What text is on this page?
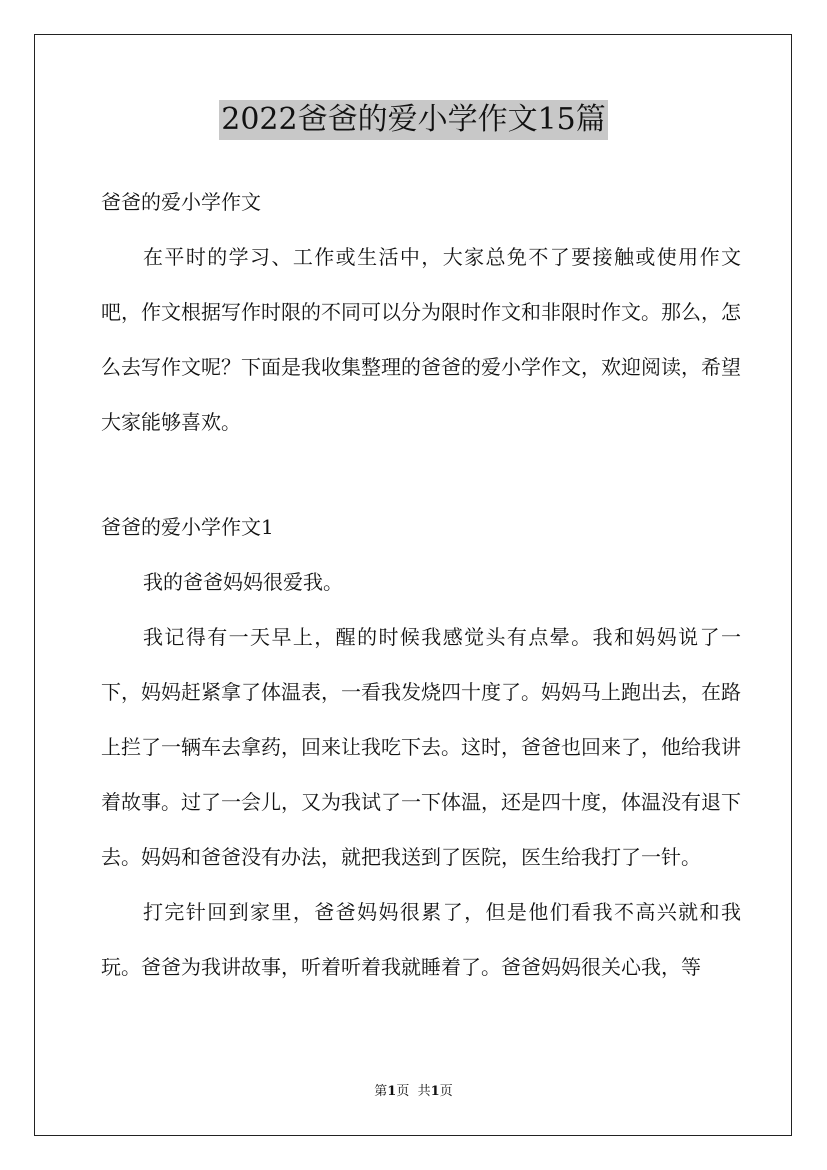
2022爸爸的爱小学作文15篇

爸爸的爱小学作文

在平时的学习、工作或生活中，大家总免不了要接触或使用作文吧，作文根据写作时限的不同可以分为限时作文和非限时作文。那么，怎么去写作文呢？下面是我收集整理的爸爸的爱小学作文，欢迎阅读，希望大家能够喜欢。

爸爸的爱小学作文1

我的爸爸妈妈很爱我。

我记得有一天早上，醒的时候我感觉头有点晕。我和妈妈说了一下，妈妈赶紧拿了体温表，一看我发烧四十度了。妈妈马上跑出去，在路上拦了一辆车去拿药，回来让我吃下去。这时，爸爸也回来了，他给我讲着故事。过了一会儿，又为我试了一下体温，还是四十度，体温没有退下去。妈妈和爸爸没有办法，就把我送到了医院，医生给我打了一针。

打完针回到家里，爸爸妈妈很累了，但是他们看我不高兴就和我玩。爸爸为我讲故事，听着听着我就睡着了。爸爸妈妈很关心我，等

第1页 共1页
